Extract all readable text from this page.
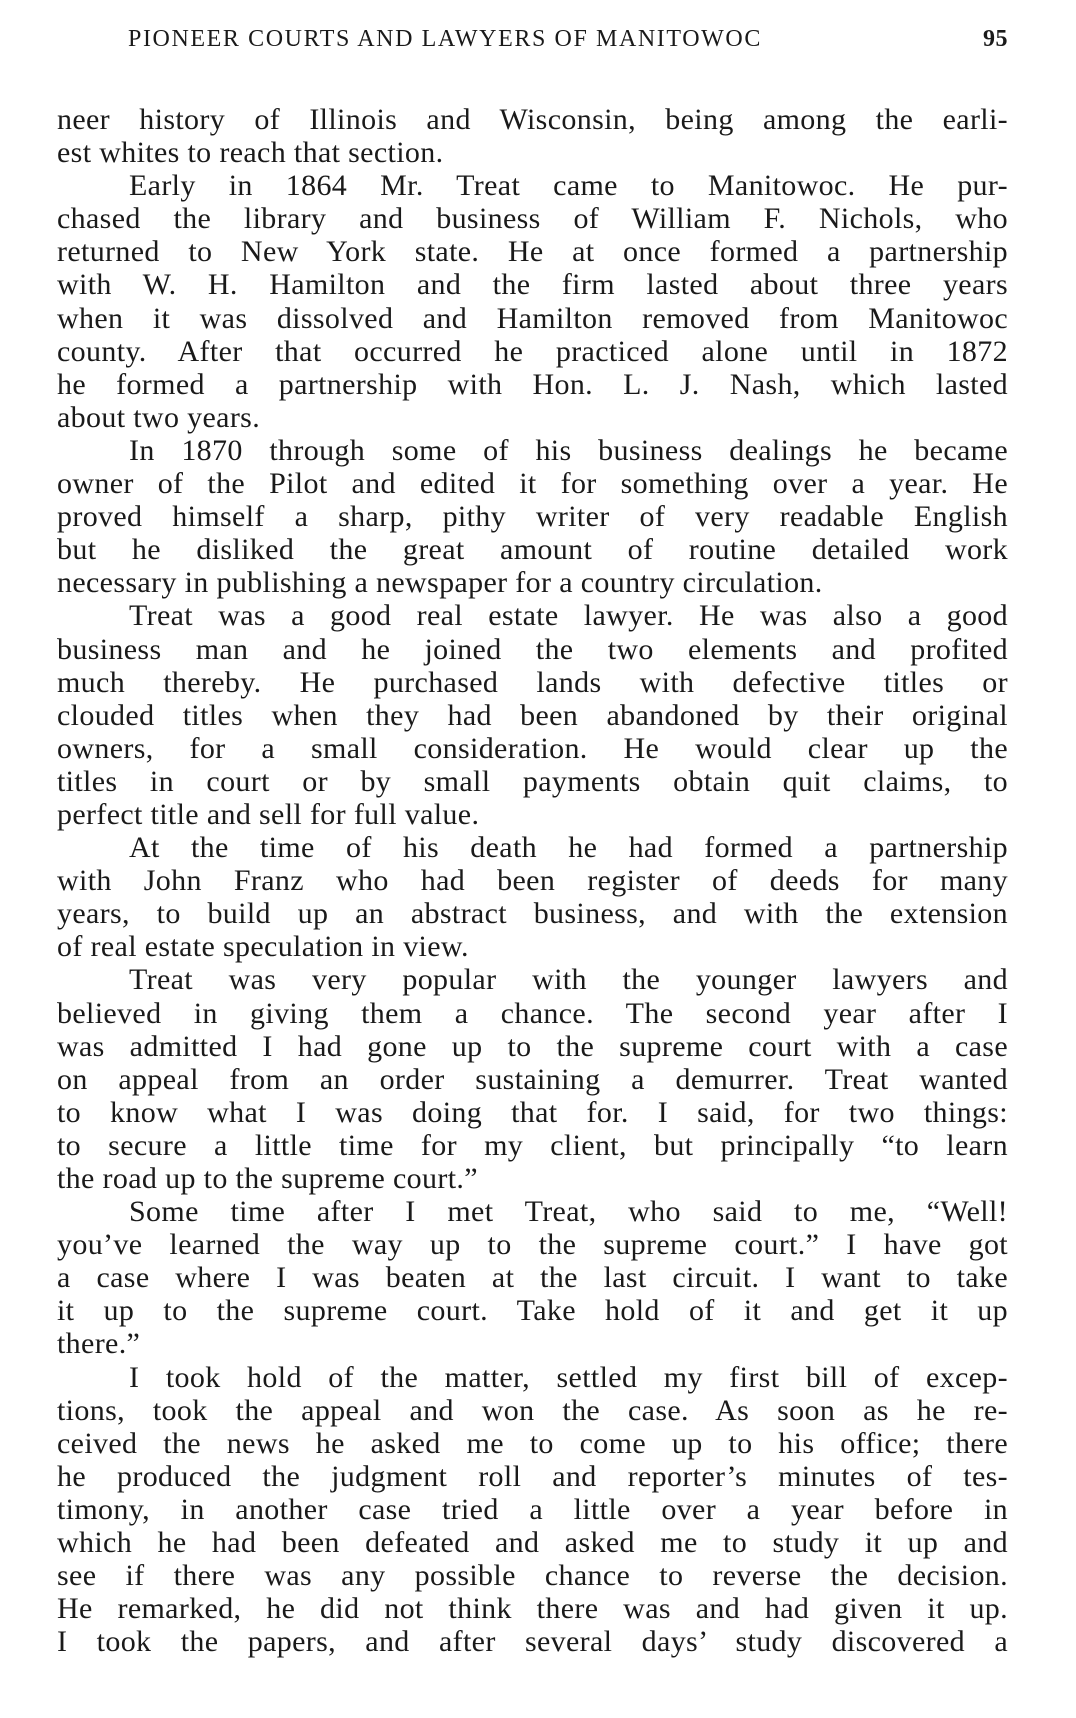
PIONEER COURTS AND LAWYERS OF MANITOWOC	95
neer history of Illinois and Wisconsin, being among the earli-
est whites to reach that section.
Early in 1864 Mr. Treat came to Manitowoc. He pur-
chased the library and business of William F. Nichols, who
returned to New York state. He at once formed a partnership
with W. H. Hamilton and the firm lasted about three years
when it was dissolved and Hamilton removed from Manitowoc
county. After that occurred he practiced alone until in 1872
he formed a partnership with Hon. L. J. Nash, which lasted
about two years.
In 1870 through some of his business dealings he became
owner of the Pilot and edited it for something over a year. He
proved himself a sharp, pithy writer of very readable English
but he disliked the great amount of routine detailed work
necessary in publishing a newspaper for a country circulation.
Treat was a good real estate lawyer. He was also a good
business man and he joined the two elements and profited
much thereby. He purchased lands with defective titles or
clouded titles when they had been abandoned by their original
owners, for a small consideration. He would clear up the
titles in court or by small payments obtain quit claims, to
perfect title and sell for full value.
At the time of his death he had formed a partnership
with John Franz who had been register of deeds for many
years, to build up an abstract business, and with the extension
of real estate speculation in view.
Treat was very popular with the younger lawyers and
believed in giving them a chance. The second year after I
was admitted I had gone up to the supreme court with a case
on appeal from an order sustaining a demurrer. Treat wanted
to know what I was doing that for. I said, for two things:
to secure a little time for my client, but principally “to learn
the road up to the supreme court.”
Some time after I met Treat, who said to me, “Well!
you’ve learned the way up to the supreme court.” I have got
a case where I was beaten at the last circuit. I want to take
it up to the supreme court. Take hold of it and get it up
there.”
I took hold of the matter, settled my first bill of excep-
tions, took the appeal and won the case. As soon as he re-
ceived the news he asked me to come up to his office; there
he produced the judgment roll and reporter’s minutes of tes-
timony, in another case tried a little over a year before in
which he had been defeated and asked me to study it up and
see if there was any possible chance to reverse the decision.
He remarked, he did not think there was and had given it up.
I took the papers, and after several days’ study discovered a
